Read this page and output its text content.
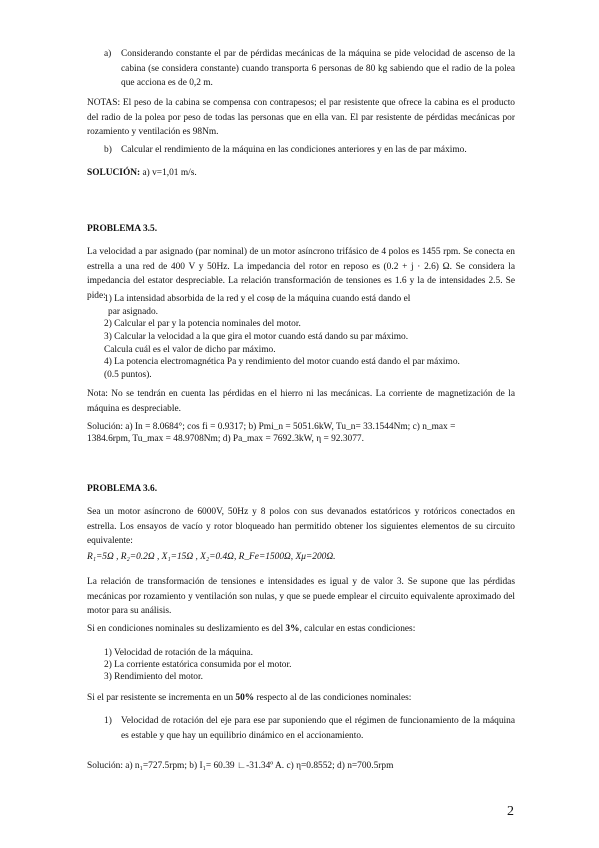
a) Considerando constante el par de pérdidas mecánicas de la máquina se pide velocidad de ascenso de la cabina (se considera constante) cuando transporta 6 personas de 80 kg sabiendo que el radio de la polea que acciona es de 0,2 m.

NOTAS: El peso de la cabina se compensa con contrapesos; el par resistente que ofrece la cabina es el producto del radio de la polea por peso de todas las personas que en ella van. El par resistente de pérdidas mecánicas por rozamiento y ventilación es 98Nm.

b) Calcular el rendimiento de la máquina en las condiciones anteriores y en las de par máximo.
SOLUCIÓN: a) v=1,01 m/s.
PROBLEMA 3.5.

La velocidad a par asignado (par nominal) de un motor asíncrono trifásico de 4 polos es 1455 rpm. Se conecta en estrella a una red de 400 V y 50Hz. La impedancia del rotor en reposo es (0.2 + j · 2.6) Ω. Se considera la impedancia del estator despreciable. La relación transformación de tensiones es 1.6 y la de intensidades 2.5. Se pide:

1) La intensidad absorbida de la red y el cosφ de la máquina cuando está dando el
par asignado.
2) Calcular el par y la potencia nominales del motor.
3) Calcular la velocidad a la que gira el motor cuando está dando su par máximo.
Calcula cuál es el valor de dicho par máximo.
4) La potencia electromagnética Pa y rendimiento del motor cuando está dando el par máximo.
(0.5 puntos).

Nota: No se tendrán en cuenta las pérdidas en el hierro ni las mecánicas. La corriente de magnetización de la máquina es despreciable.

Solución: a) In = 8.0684°; cos fi = 0.9317; b) Pmi_n = 5051.6kW, Tu_n= 33.1544Nm; c) n_max =
1384.6rpm, Tu_max = 48.9708Nm; d) Pa_max = 7692.3kW, η = 92.3077.
PROBLEMA 3.6.

Sea un motor asíncrono de 6000V, 50Hz y 8 polos con sus devanados estatóricos y rotóricos conectados en estrella. Los ensayos de vacío y rotor bloqueado han permitido obtener los siguientes elementos de su circuito equivalente:

R₁=5Ω , R₂=0.2Ω , X₁=15Ω , X₂=0.4Ω, R_Fe=1500Ω, Xμ=200Ω.

La relación de transformación de tensiones e intensidades es igual y de valor 3. Se supone que las pérdidas mecánicas por rozamiento y ventilación son nulas, y que se puede emplear el circuito equivalente aproximado del motor para su análisis.

Si en condiciones nominales su deslizamiento es del 3%, calcular en estas condiciones:
1) Velocidad de rotación de la máquina.
2) La corriente estatórica consumida por el motor.
3) Rendimiento del motor.
Si el par resistente se incrementa en un 50% respecto al de las condiciones nominales:
1) Velocidad de rotación del eje para ese par suponiendo que el régimen de funcionamiento de la máquina es estable y que hay un equilibrio dinámico en el accionamiento.
Solución: a) n₁=727.5rpm; b) I₁= 60.39 ∟-31.34º A. c) η=0.8552; d) n=700.5rpm
2
